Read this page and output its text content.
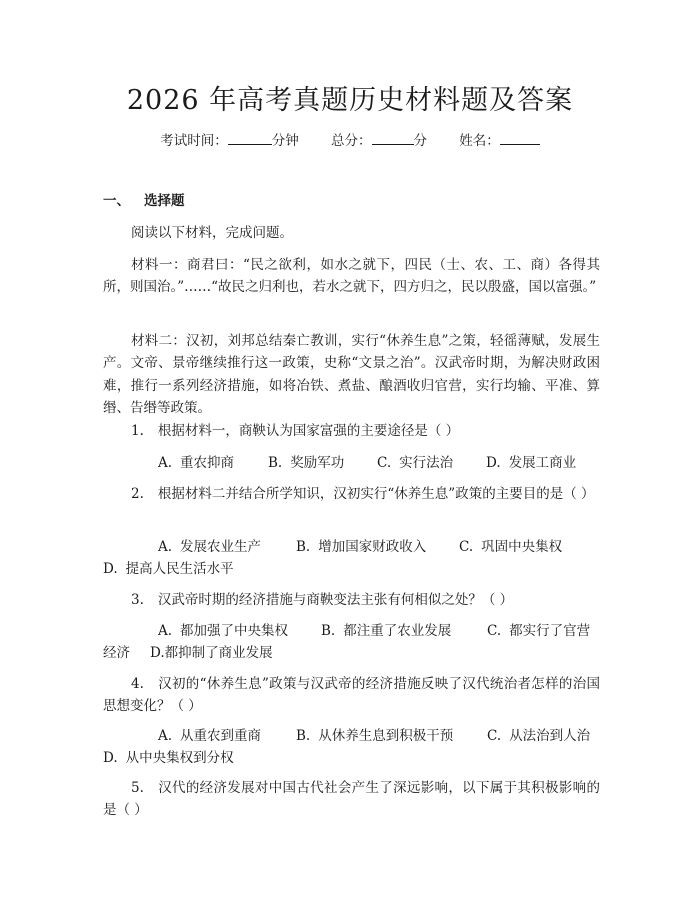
2026 年高考真题历史材料题及答案
考试时间：	分钟 总分：	分 姓名：
一、 选择题
阅读以下材料，完成问题。
材料一：商君曰：“民之欲利，如水之就下，四民（士、农、工、商）各得其所，则国治。”……“故民之归利也，若水之就下，四方归之，民以殷盛，国以富强。”
材料二：汉初，刘邦总结秦亡教训，实行“休养生息”之策，轻徭薄赋，发展生产。文帝、景帝继续推行这一政策，史称“文景之治”。汉武帝时期，为解决财政困难，推行一系列经济措施，如将冶铁、煮盐、酿酒收归官营，实行均输、平准、算缗、告缗等政策。
1. 根据材料一，商鞅认为国家富强的主要途径是（ ）
A. 重农抑商	B. 奖励军功 C. 实行法治 D. 发展工商业
2. 根据材料二并结合所学知识，汉初实行“休养生息”政策的主要目的是（ ）
A. 发展农业生产	B. 增加国家财政收入 C. 巩固中央集权
D. 提高人民生活水平
3. 汉武帝时期的经济措施与商鞅变法主张有何相似之处？（ ）
A. 都加强了中央集权 B. 都注重了农业发展	C. 都实行了官营
经济 D.都抑制了商业发展
4. 汉初的“休养生息”政策与汉武帝的经济措施反映了汉代统治者怎样的治国思想变化？（ ）
A. 从重农到重商	B. 从休养生息到积极干预	C. 从法治到人治
D. 从中央集权到分权
5. 汉代的经济发展对中国古代社会产生了深远影响，以下属于其积极影响的是（ ）
